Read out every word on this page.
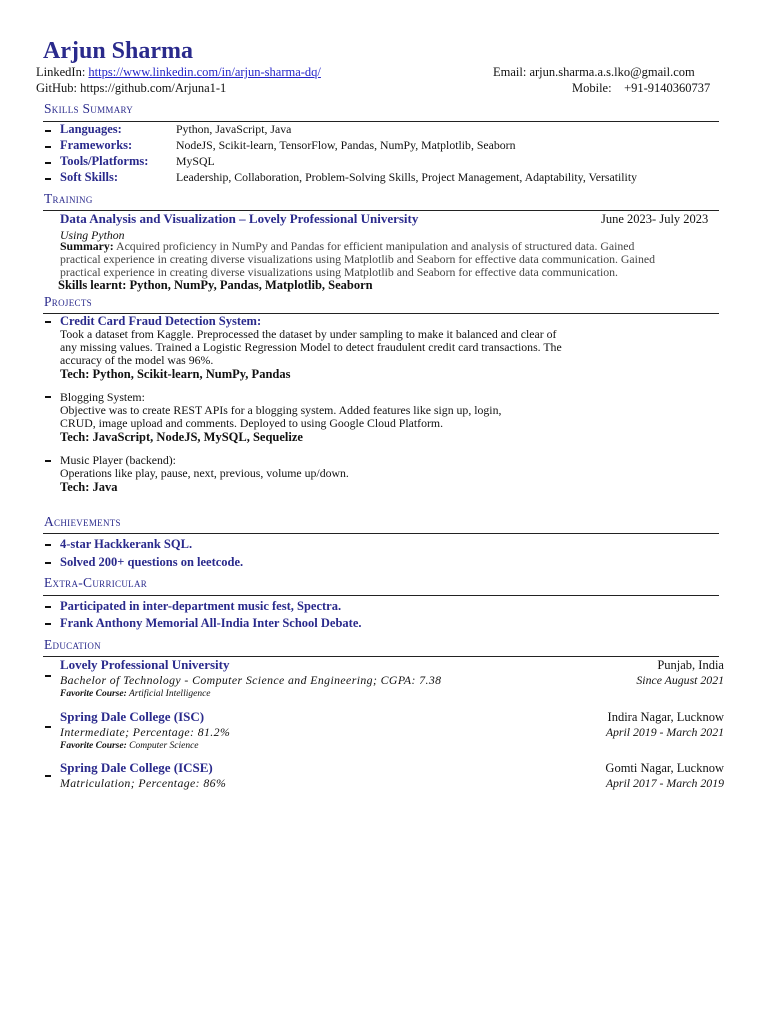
Arjun Sharma
LinkedIn: https://www.linkedin.com/in/arjun-sharma-dq/
GitHub: https://github.com/Arjuna1-1
Email: arjun.sharma.a.s.lko@gmail.com
Mobile: +91-9140360737
Skills Summary
Languages:	Python, JavaScript, Java
Frameworks:	NodeJS, Scikit-learn, TensorFlow, Pandas, NumPy, Matplotlib, Seaborn
Tools/Platforms: MySQL
Soft Skills:	Leadership, Collaboration, Problem-Solving Skills, Project Management, Adaptability, Versatility
Training
Data Analysis and Visualization – Lovely Professional University	June 2023- July 2023
Using Python
Summary: Acquired proficiency in NumPy and Pandas for efficient manipulation and analysis of structured data. Gained
practical experience in creating diverse visualizations using Matplotlib and Seaborn for effective data communication. Gained
practical experience in creating diverse visualizations using Matplotlib and Seaborn for effective data communication.
Skills learnt: Python, NumPy, Pandas, Matplotlib, Seaborn
Projects
Credit Card Fraud Detection System:
Took a dataset from Kaggle. Preprocessed the dataset by under sampling to make it balanced and clear of
any missing values. Trained a Logistic Regression Model to detect fraudulent credit card transactions. The
accuracy of the model was 96%.
Tech: Python, Scikit-learn, NumPy, Pandas
Blogging System:
Objective was to create REST APIs for a blogging system. Added features like sign up, login,
CRUD, image upload and comments. Deployed to using Google Cloud Platform.
Tech: JavaScript, NodeJS, MySQL, Sequelize
Music Player (backend):
Operations like play, pause, next, previous, volume up/down.
Tech: Java
Achievements
4-star Hackkerank SQL.
Solved 200+ questions on leetcode.
Extra-Curricular
Participated in inter-department music fest, Spectra.
Frank Anthony Memorial All-India Inter School Debate.
Education
Lovely Professional University	Punjab, India
Bachelor of Technology - Computer Science and Engineering; CGPA: 7.38	Since August 2021
Favorite Course: Artificial Intelligence
Spring Dale College (ISC)	Indira Nagar, Lucknow
Intermediate; Percentage: 81.2%	April 2019 - March 2021
Favorite Course: Computer Science
Spring Dale College (ICSE)	Gomti Nagar, Lucknow
Matriculation; Percentage: 86%	April 2017 - March 2019
